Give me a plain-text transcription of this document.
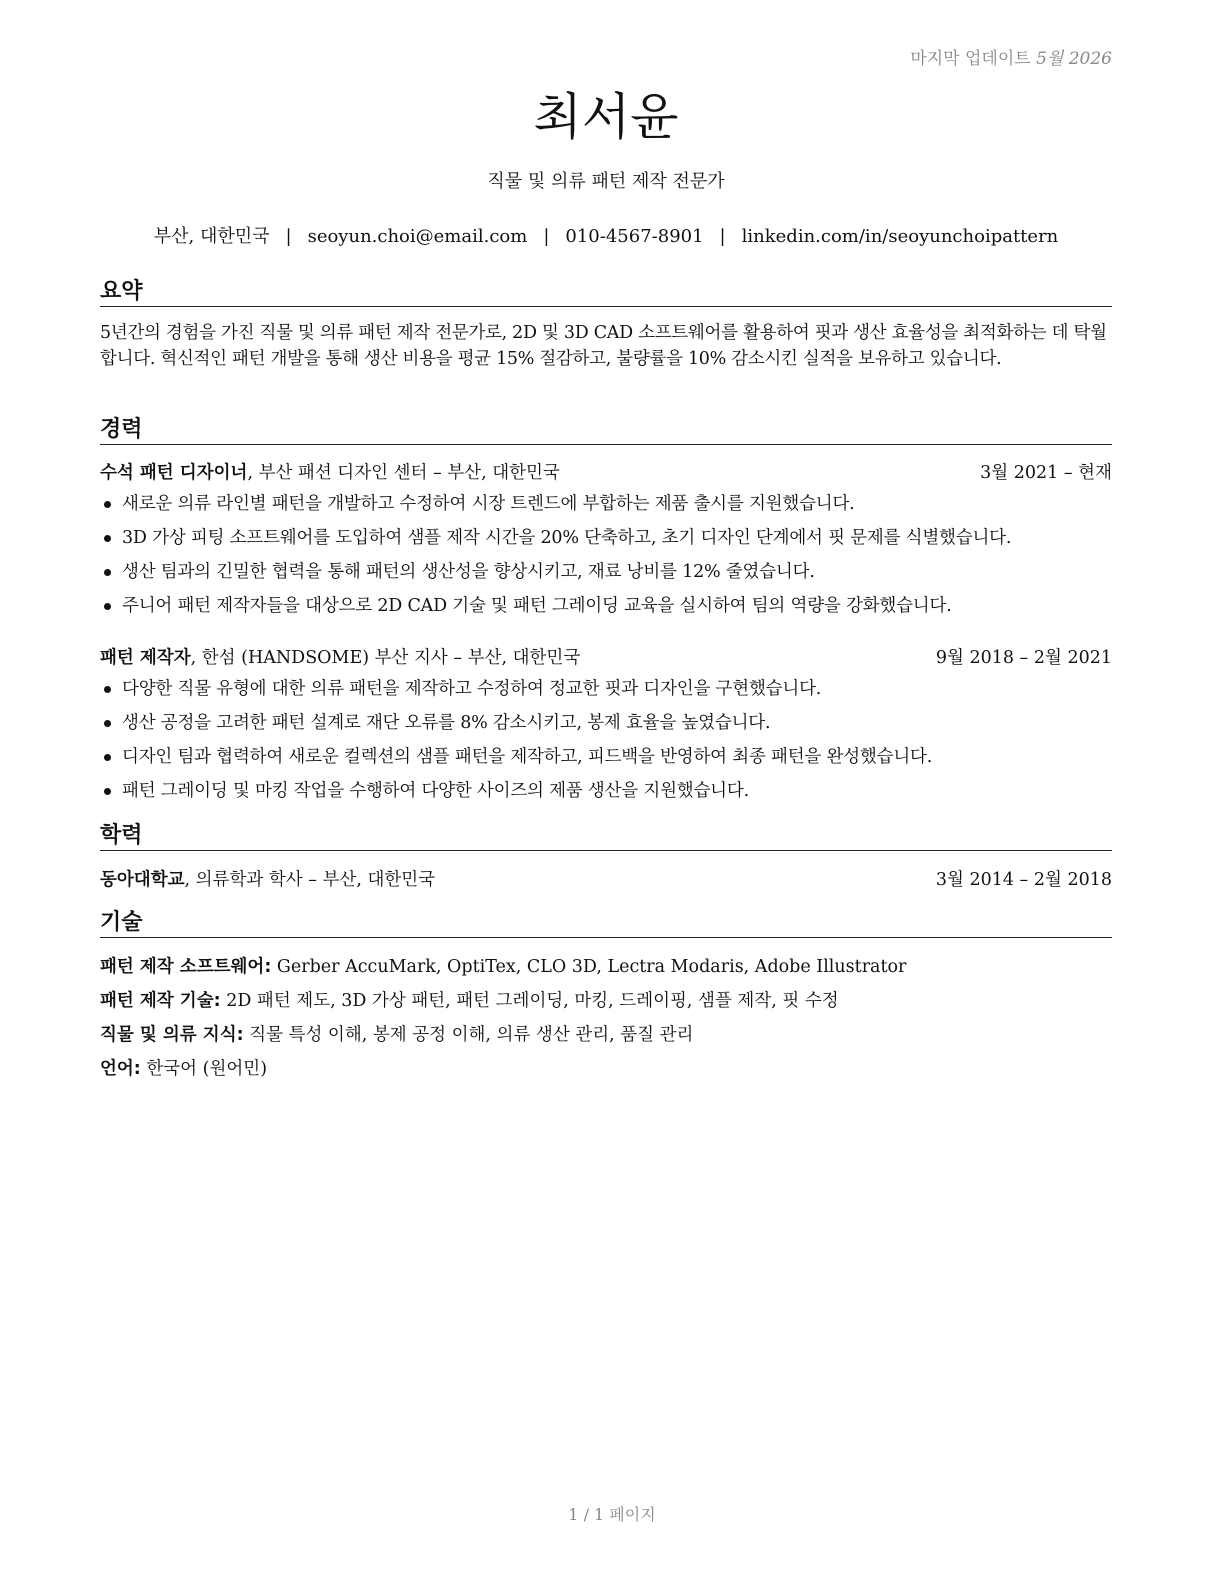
마지막 업데이트 5월 2026
최서윤
직물 및 의류 패턴 제작 전문가
부산, 대한민국 | seoyun.choi@email.com | 010-4567-8901 | linkedin.com/in/seoyunchoipattern
요약
5년간의 경험을 가진 직물 및 의류 패턴 제작 전문가로, 2D 및 3D CAD 소프트웨어를 활용하여 핏과 생산 효율성을 최적화하는 데 탁월합니다. 혁신적인 패턴 개발을 통해 생산 비용을 평균 15% 절감하고, 불량률을 10% 감소시킨 실적을 보유하고 있습니다.
경력
수석 패턴 디자이너, 부산 패션 디자인 센터 – 부산, 대한민국	3월 2021 – 현재
새로운 의류 라인별 패턴을 개발하고 수정하여 시장 트렌드에 부합하는 제품 출시를 지원했습니다.
3D 가상 피팅 소프트웨어를 도입하여 샘플 제작 시간을 20% 단축하고, 초기 디자인 단계에서 핏 문제를 식별했습니다.
생산 팀과의 긴밀한 협력을 통해 패턴의 생산성을 향상시키고, 재료 낭비를 12% 줄였습니다.
주니어 패턴 제작자들을 대상으로 2D CAD 기술 및 패턴 그레이딩 교육을 실시하여 팀의 역량을 강화했습니다.
패턴 제작자, 한섬 (HANDSOME) 부산 지사 – 부산, 대한민국	9월 2018 – 2월 2021
다양한 직물 유형에 대한 의류 패턴을 제작하고 수정하여 정교한 핏과 디자인을 구현했습니다.
생산 공정을 고려한 패턴 설계로 재단 오류를 8% 감소시키고, 봉제 효율을 높였습니다.
디자인 팀과 협력하여 새로운 컬렉션의 샘플 패턴을 제작하고, 피드백을 반영하여 최종 패턴을 완성했습니다.
패턴 그레이딩 및 마킹 작업을 수행하여 다양한 사이즈의 제품 생산을 지원했습니다.
학력
동아대학교, 의류학과 학사 – 부산, 대한민국	3월 2014 – 2월 2018
기술
패턴 제작 소프트웨어: Gerber AccuMark, OptiTex, CLO 3D, Lectra Modaris, Adobe Illustrator
패턴 제작 기술: 2D 패턴 제도, 3D 가상 패턴, 패턴 그레이딩, 마킹, 드레이핑, 샘플 제작, 핏 수정
직물 및 의류 지식: 직물 특성 이해, 봉제 공정 이해, 의류 생산 관리, 품질 관리
언어: 한국어 (원어민)
1 / 1 페이지
